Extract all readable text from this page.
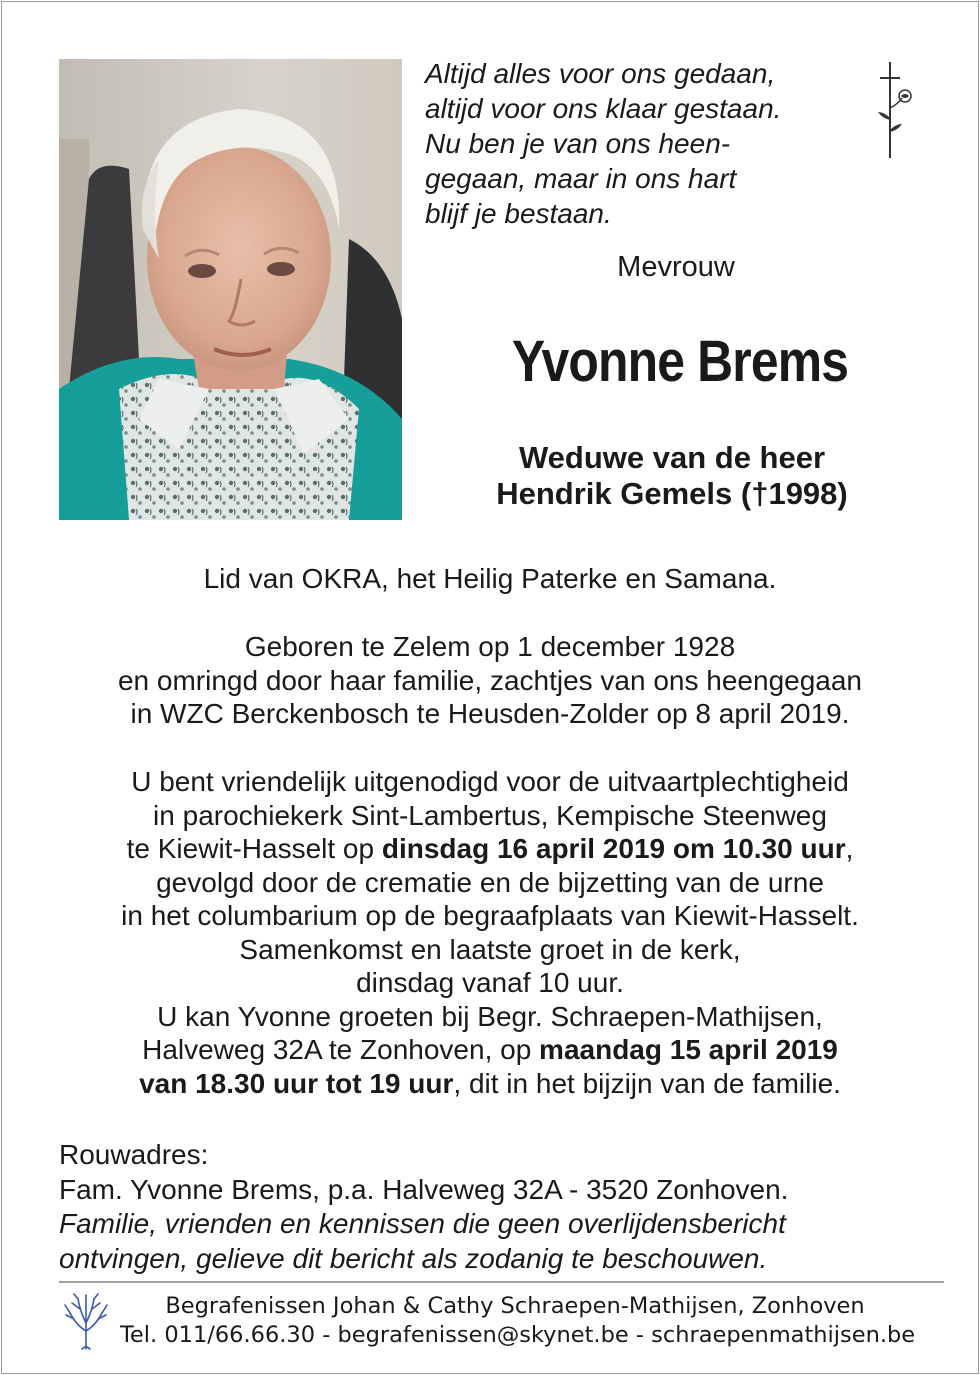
Altijd alles voor ons gedaan,
altijd voor ons klaar gestaan.
Nu ben je van ons heen-
gegaan, maar in ons hart
blijf je bestaan.
Mevrouw
Yvonne Brems
Weduwe van de heer
Hendrik Gemels (†1998)
Lid van OKRA, het Heilig Paterke en Samana.
Geboren te Zelem op 1 december 1928
en omringd door haar familie, zachtjes van ons heengegaan
in WZC Berckenbosch te Heusden-Zolder op 8 april 2019.
U bent vriendelijk uitgenodigd voor de uitvaartplechtigheid
in parochiekerk Sint-Lambertus, Kempische Steenweg
te Kiewit-Hasselt op dinsdag 16 april 2019 om 10.30 uur,
gevolgd door de crematie en de bijzetting van de urne
in het columbarium op de begraafplaats van Kiewit-Hasselt.
Samenkomst en laatste groet in de kerk,
dinsdag vanaf 10 uur.
U kan Yvonne groeten bij Begr. Schraepen-Mathijsen,
Halveweg 32A te Zonhoven, op maandag 15 april 2019
van 18.30 uur tot 19 uur, dit in het bijzijn van de familie.
Rouwadres:
Fam. Yvonne Brems, p.a. Halveweg 32A - 3520 Zonhoven.
Familie, vrienden en kennissen die geen overlijdensbericht
ontvingen, gelieve dit bericht als zodanig te beschouwen.
Begrafenissen Johan & Cathy Schraepen-Mathijsen, Zonhoven
Tel. 011/66.66.30 - begrafenissen@skynet.be - schraepenmathijsen.be
